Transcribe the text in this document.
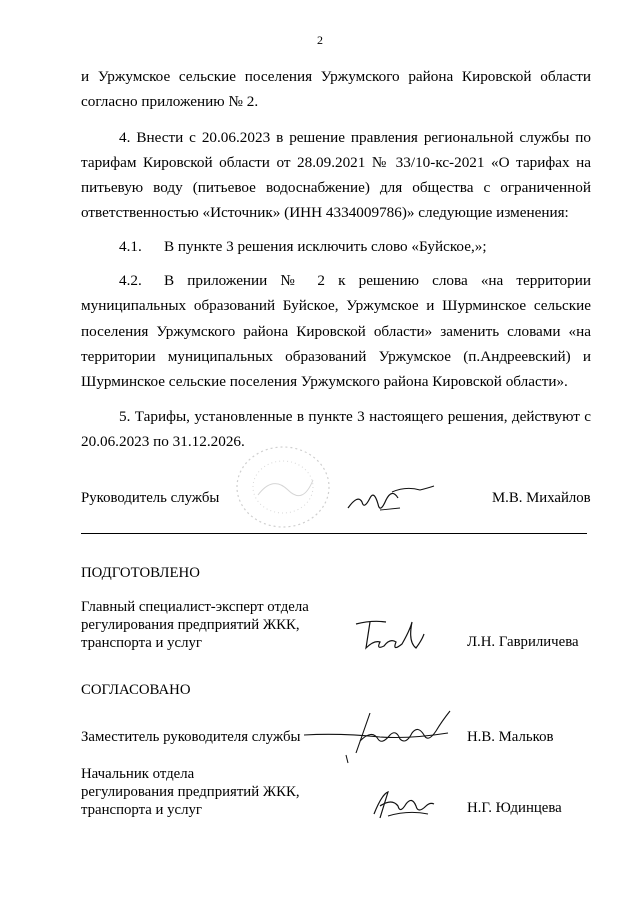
2

и Уржумское сельские поселения Уржумского района Кировской области согласно приложению № 2.

4. Внести с 20.06.2023 в решение правления региональной службы по тарифам Кировской области от 28.09.2021 № 33/10-кс-2021 «О тарифах на питьевую воду (питьевое водоснабжение) для общества с ограниченной ответственностью «Источник» (ИНН 4334009786)» следующие изменения:

4.1. В пункте 3 решения исключить слово «Буйское,»;

4.2. В приложении № 2 к решению слова «на территории муниципальных образований Буйское, Уржумское и Шурминское сельские поселения Уржумского района Кировской области» заменить словами «на территории муниципальных образований Уржумское (п.Андреевский) и Шурминское сельские поселения Уржумского района Кировской области».

5. Тарифы, установленные в пункте 3 настоящего решения, действуют с 20.06.2023 по 31.12.2026.

Руководитель службы	М.В. Михайлов
ПОДГОТОВЛЕНО
Главный специалист-эксперт отдела
регулирования предприятий ЖКК,
транспорта и услуг	Л.Н. Гавриличева
СОГЛАСОВАНО
Заместитель руководителя службы	Н.В. Мальков
Начальник отдела
регулирования предприятий ЖКК,
транспорта и услуг	Н.Г. Юдинцева
